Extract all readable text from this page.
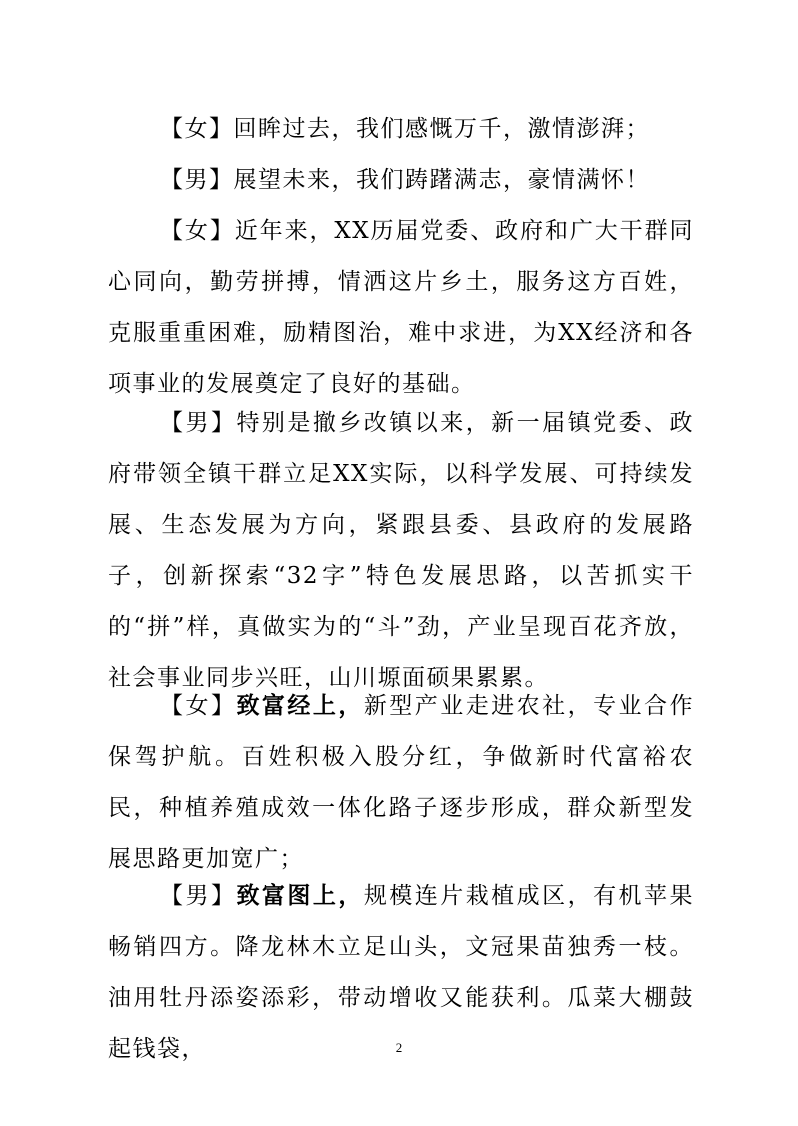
【女】回眸过去，我们感慨万千，激情澎湃；

【男】展望未来，我们踌躇满志，豪情满怀！

【女】近年来，XX历届党委、政府和广大干群同心同向，勤劳拼搏，情洒这片乡土，服务这方百姓，克服重重困难，励精图治，难中求进，为XX经济和各项事业的发展奠定了良好的基础。

【男】特别是撤乡改镇以来，新一届镇党委、政府带领全镇干群立足XX实际，以科学发展、可持续发展、生态发展为方向，紧跟县委、县政府的发展路子，创新探索“32字”特色发展思路，以苦抓实干的“拼”样，真做实为的“斗”劲，产业呈现百花齐放，社会事业同步兴旺，山川塬面硕果累累。

【女】致富经上，新型产业走进农社，专业合作保驾护航。百姓积极入股分红，争做新时代富裕农民，种植养殖成效一体化路子逐步形成，群众新型发展思路更加宽广；

【男】致富图上，规模连片栽植成区，有机苹果畅销四方。降龙林木立足山头，文冠果苗独秀一枝。油用牡丹添姿添彩，带动增收又能获利。瓜菜大棚鼓起钱袋，	2
